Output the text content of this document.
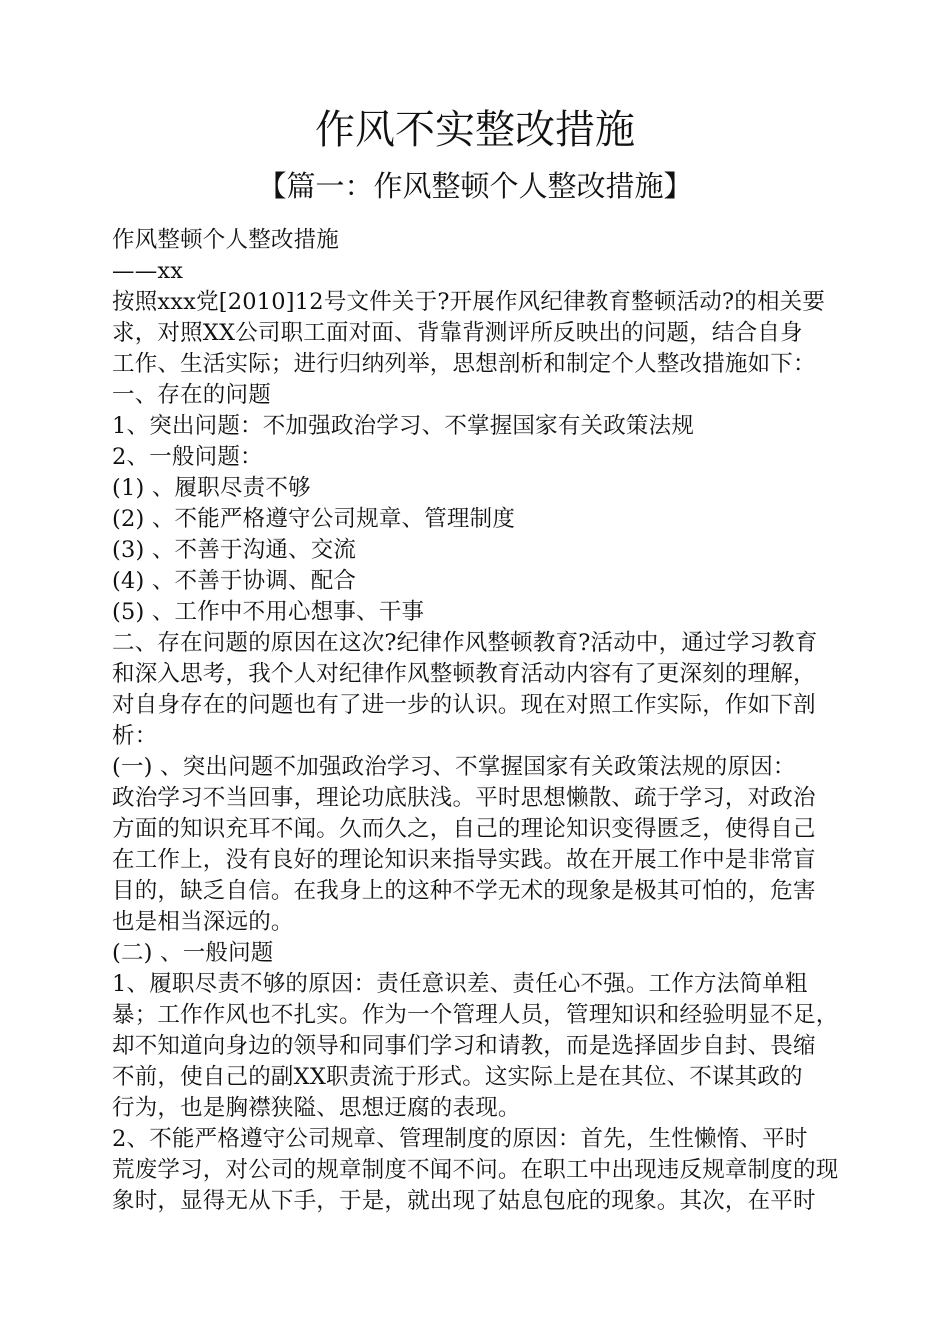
作风不实整改措施
【篇一：作风整顿个人整改措施】
作风整顿个人整改措施
——xx
按照xxx党[2010]12号文件关于?开展作风纪律教育整顿活动?的相关要
求，对照XX公司职工面对面、背靠背测评所反映出的问题，结合自身
工作、生活实际；进行归纳列举，思想剖析和制定个人整改措施如下：
一、存在的问题
1、突出问题：不加强政治学习、不掌握国家有关政策法规
2、一般问题：
(1) 、履职尽责不够
(2) 、不能严格遵守公司规章、管理制度
(3) 、不善于沟通、交流
(4) 、不善于协调、配合
(5) 、工作中不用心想事、干事
二、存在问题的原因在这次?纪律作风整顿教育?活动中，通过学习教育
和深入思考，我个人对纪律作风整顿教育活动内容有了更深刻的理解，
对自身存在的问题也有了进一步的认识。现在对照工作实际，作如下剖
析：
(一) 、突出问题不加强政治学习、不掌握国家有关政策法规的原因：
政治学习不当回事，理论功底肤浅。平时思想懒散、疏于学习，对政治
方面的知识充耳不闻。久而久之，自己的理论知识变得匮乏，使得自己
在工作上，没有良好的理论知识来指导实践。故在开展工作中是非常盲
目的，缺乏自信。在我身上的这种不学无术的现象是极其可怕的，危害
也是相当深远的。
(二) 、一般问题
1、履职尽责不够的原因：责任意识差、责任心不强。工作方法简单粗
暴；工作作风也不扎实。作为一个管理人员，管理知识和经验明显不足，
却不知道向身边的领导和同事们学习和请教，而是选择固步自封、畏缩
不前，使自己的副XX职责流于形式。这实际上是在其位、不谋其政的
行为，也是胸襟狭隘、思想迂腐的表现。
2、不能严格遵守公司规章、管理制度的原因：首先，生性懒惰、平时
荒废学习，对公司的规章制度不闻不问。在职工中出现违反规章制度的现
象时，显得无从下手，于是，就出现了姑息包庇的现象。其次，在平时
